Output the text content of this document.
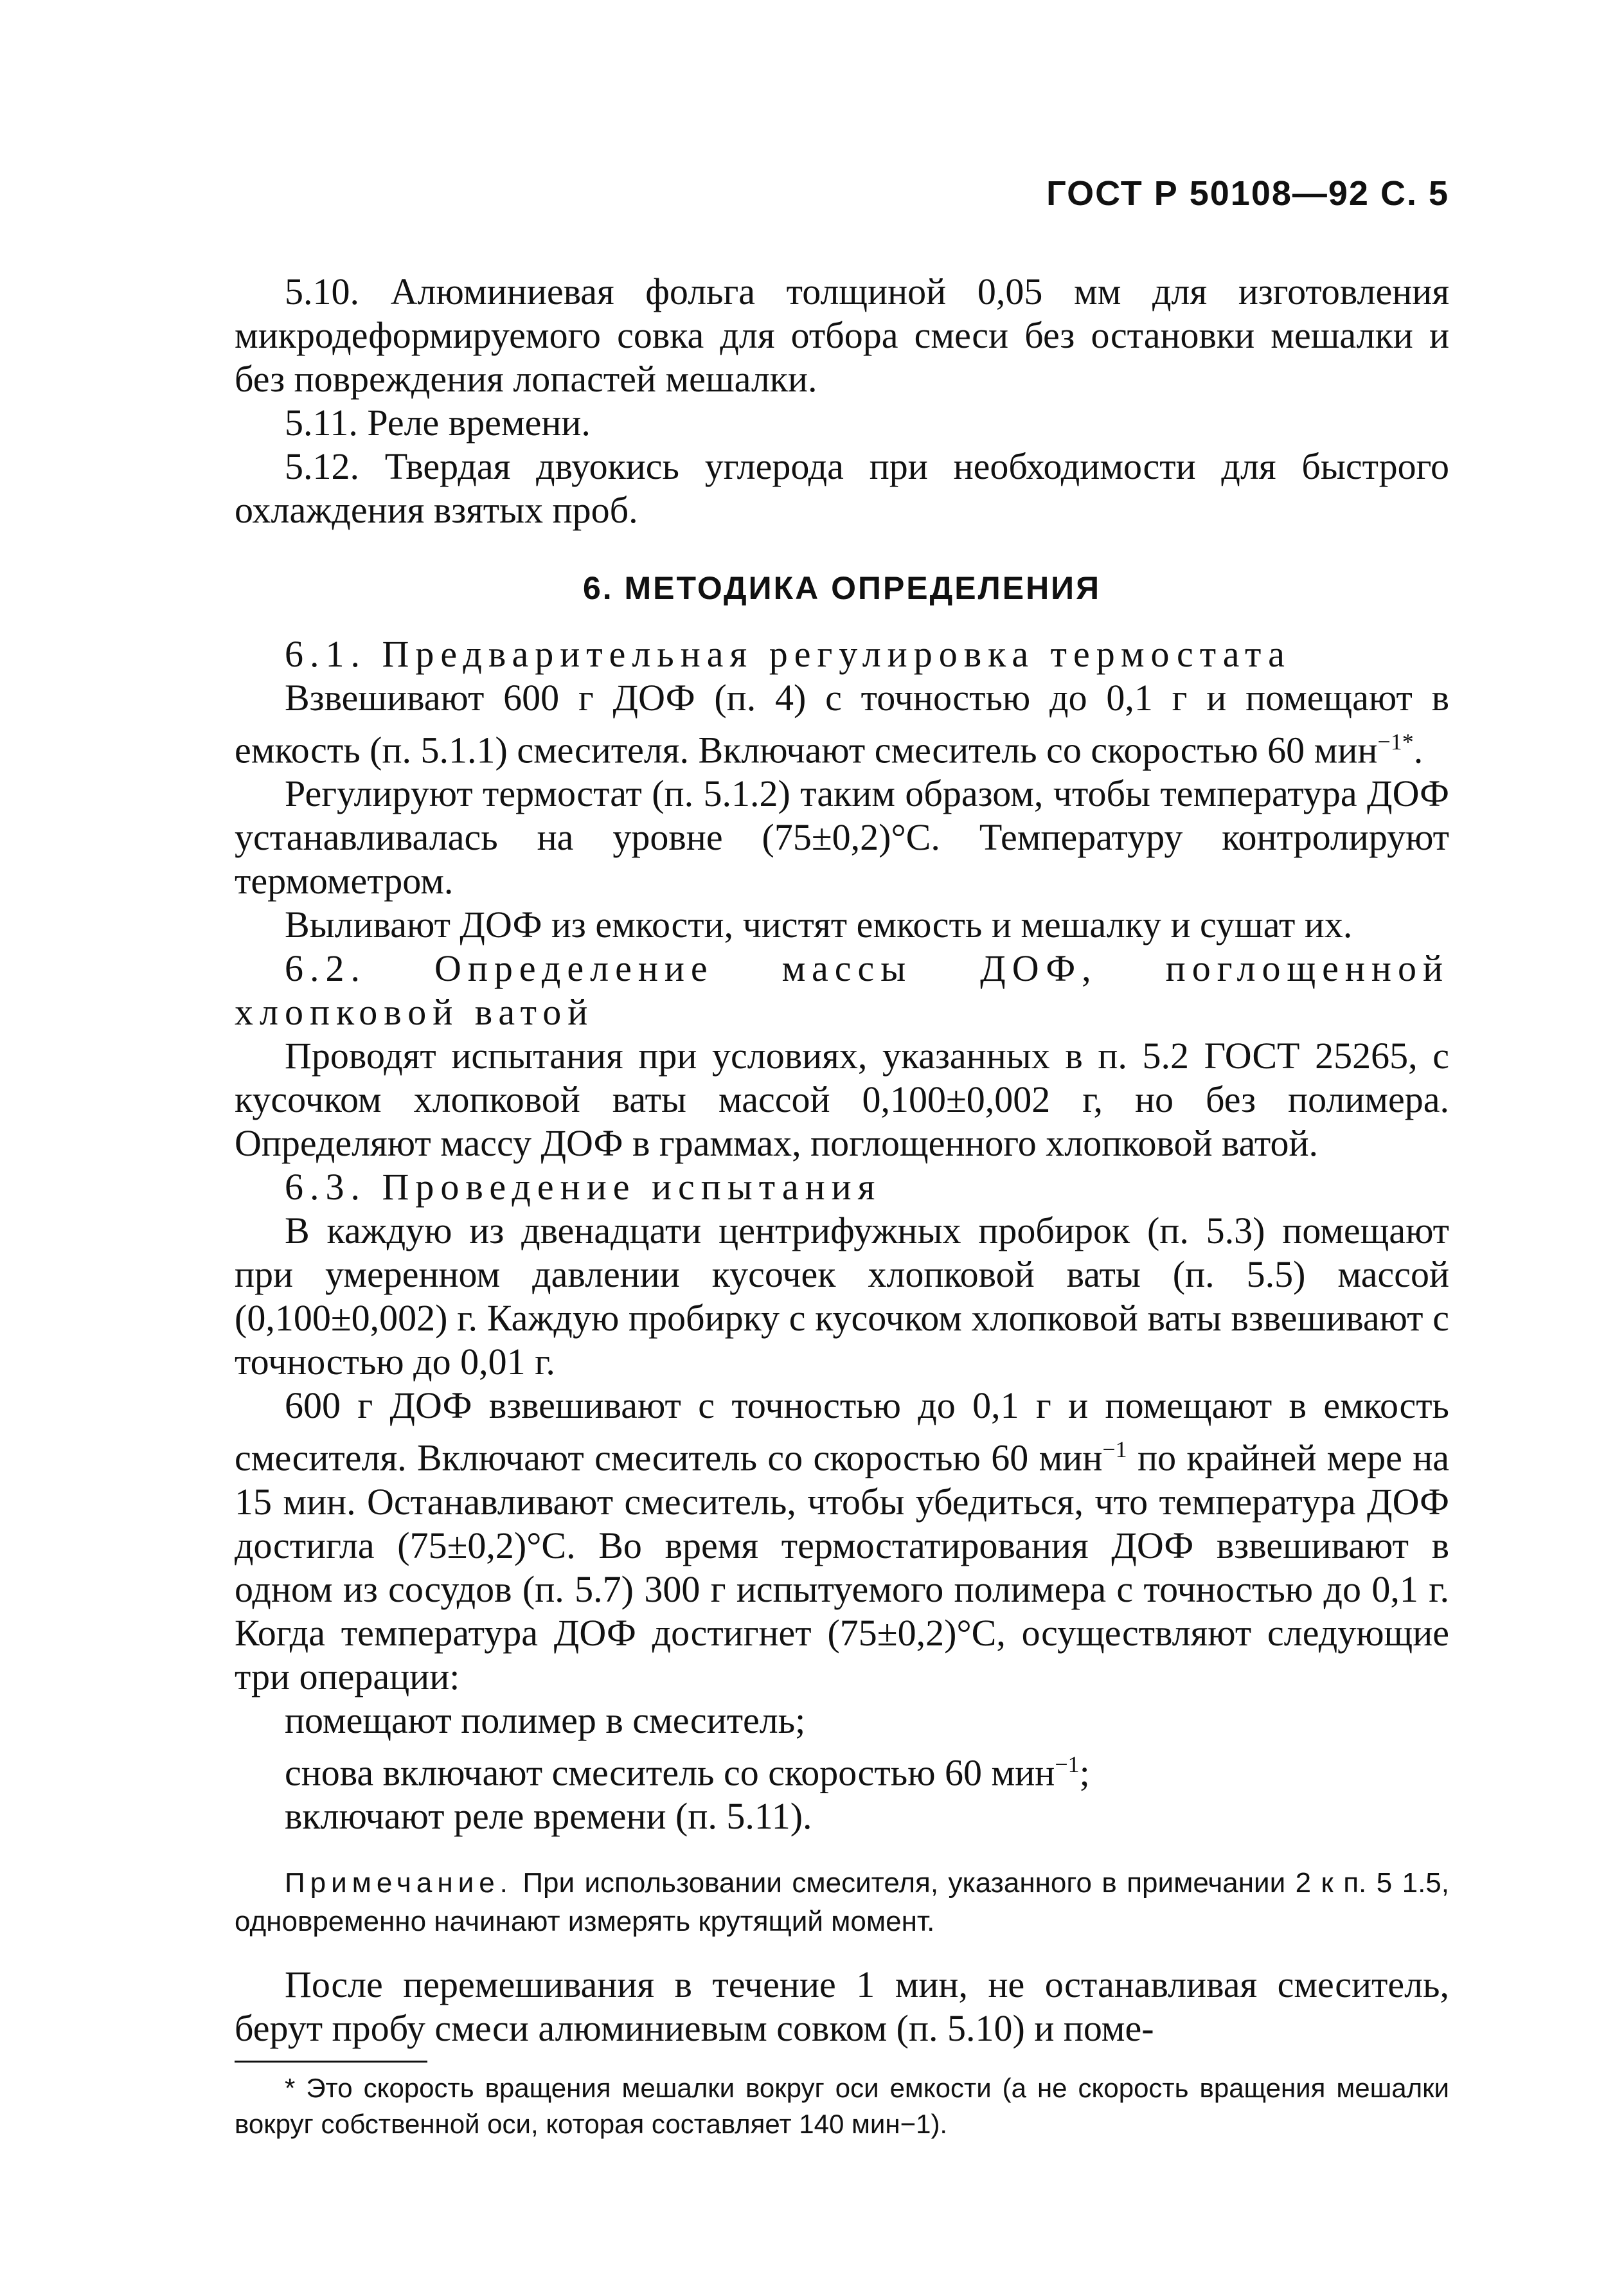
ГОСТ Р 50108—92 С. 5

5.10. Алюминиевая фольга толщиной 0,05 мм для изготовления микродеформируемого совка для отбора смеси без остановки мешалки и без повреждения лопастей мешалки.

5.11. Реле времени.

5.12. Твердая двуокись углерода при необходимости для быстрого охлаждения взятых проб.

6. МЕТОДИКА ОПРЕДЕЛЕНИЯ

6.1. Предварительная регулировка термостата

Взвешивают 600 г ДОФ (п. 4) с точностью до 0,1 г и помещают в емкость (п. 5.1.1) смесителя. Включают смеситель со скоростью 60 мин$^{-1*}$.

Регулируют термостат (п. 5.1.2) таким образом, чтобы температура ДОФ устанавливалась на уровне (75±0,2)°С. Температуру контролируют термометром.

Выливают ДОФ из емкости, чистят емкость и мешалку и сушат их.

6.2. Определение массы ДОФ, поглощенной хлопковой ватой

Проводят испытания при условиях, указанных в п. 5.2 ГОСТ 25265, с кусочком хлопковой ваты массой 0,100±0,002 г, но без полимера. Определяют массу ДОФ в граммах, поглощенного хлопковой ватой.

6.3. Проведение испытания

В каждую из двенадцати центрифужных пробирок (п. 5.3) помещают при умеренном давлении кусочек хлопковой ваты (п. 5.5) массой (0,100±0,002) г. Каждую пробирку с кусочком хлопковой ваты взвешивают с точностью до 0,01 г.

600 г ДОФ взвешивают с точностью до 0,1 г и помещают в емкость смесителя. Включают смеситель со скоростью 60 мин$^{-1}$ по крайней мере на 15 мин. Останавливают смеситель, чтобы убедиться, что температура ДОФ достигла (75±0,2)°С. Во время термостатирования ДОФ взвешивают в одном из сосудов (п. 5.7) 300 г испытуемого полимера с точностью до 0,1 г. Когда температура ДОФ достигнет (75±0,2)°С, осуществляют следующие три операции:

помещают полимер в смеситель;

снова включают смеситель со скоростью 60 мин$^{-1}$;

включают реле времени (п. 5.11).

Примечание. При использовании смесителя, указанного в примечании 2 к п. 5 1.5, одновременно начинают измерять крутящий момент.

После перемешивания в течение 1 мин, не останавливая смеситель, берут пробу смеси алюминиевым совком (п. 5.10) и поме-

* Это скорость вращения мешалки вокруг оси емкости (а не скорость вращения мешалки вокруг собственной оси, которая составляет 140 мин−1).
